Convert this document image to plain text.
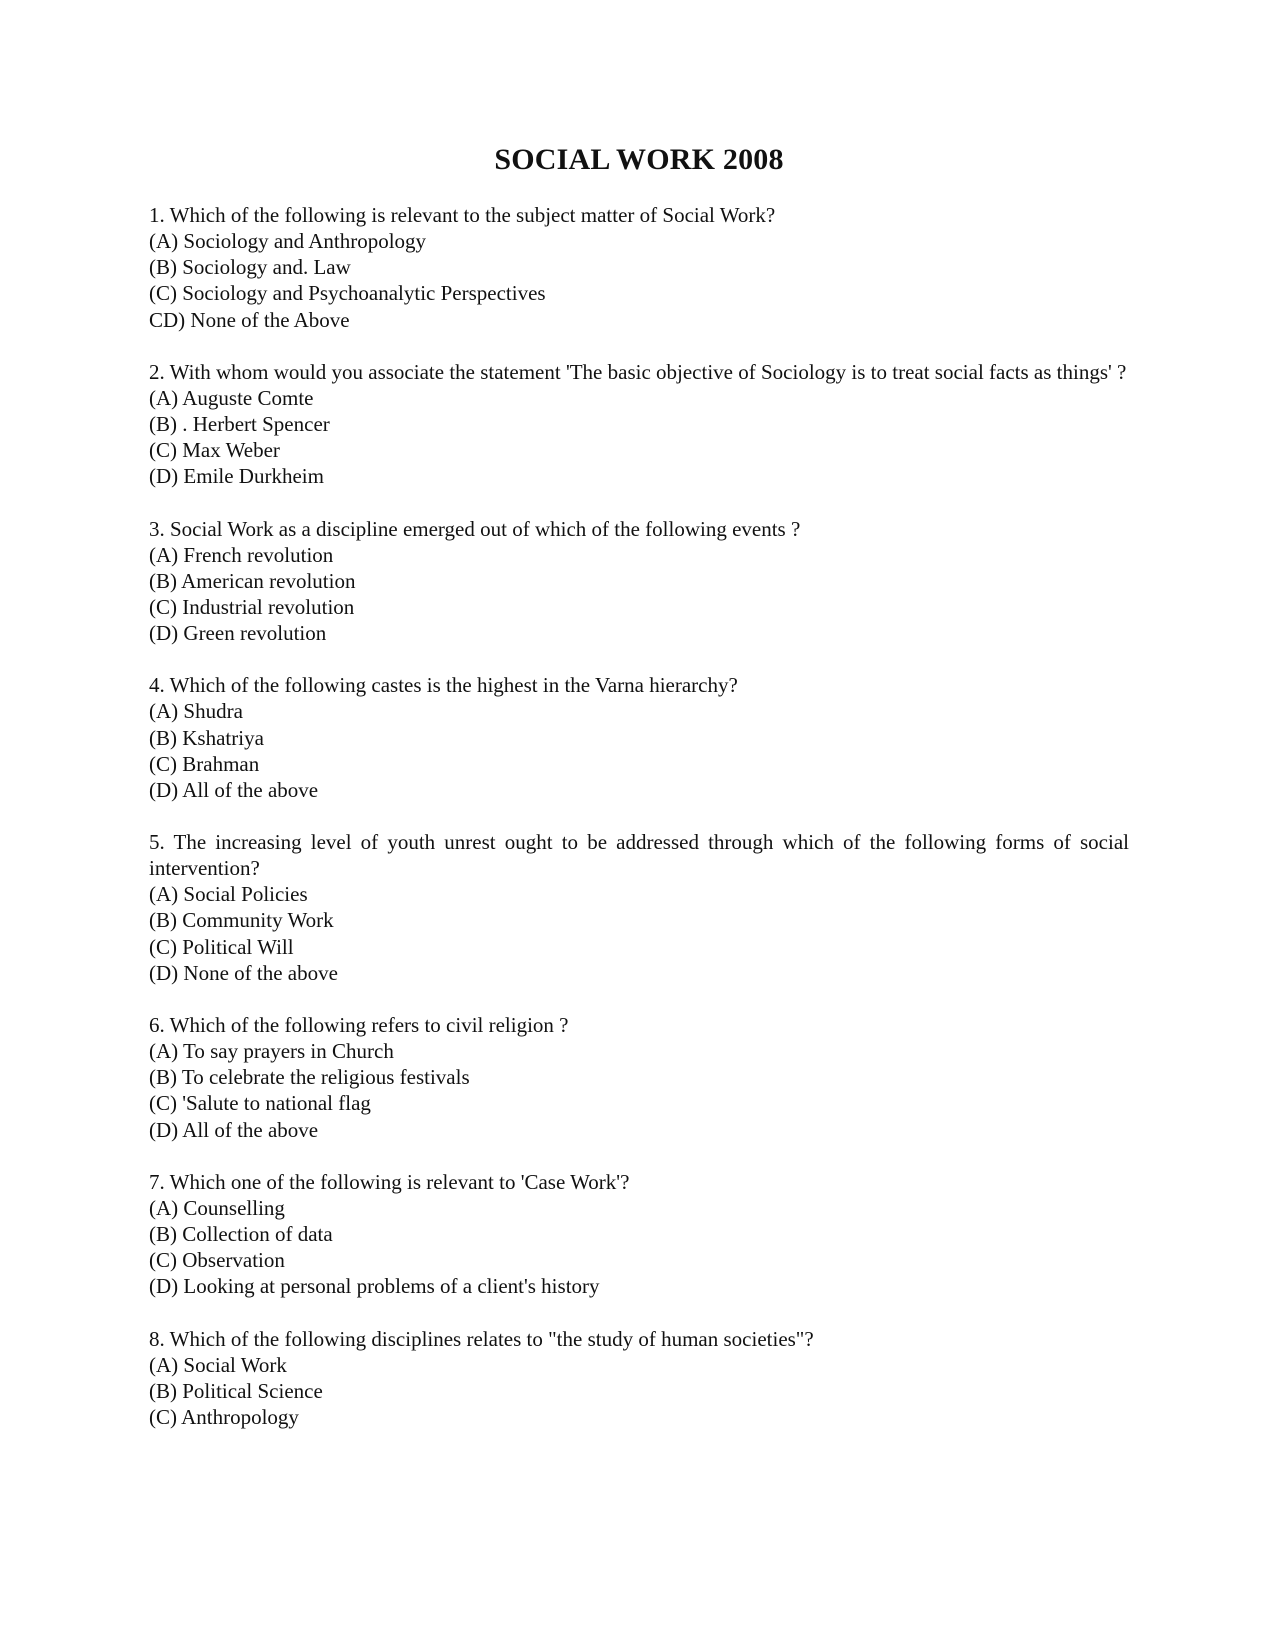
SOCIAL WORK 2008

1. Which of the following is relevant to the subject matter of Social Work?

(A) Sociology and Anthropology
(B) Sociology and. Law
(C) Sociology and Psychoanalytic Perspectives
CD) None of the Above

2. With whom would you associate the statement 'The basic objective of Sociology is to treat social facts as things' ?

(A) Auguste Comte
(B) . Herbert Spencer
(C) Max Weber
(D) Emile Durkheim

3. Social Work as a discipline emerged out of which of the following events ?

(A) French revolution
(B) American revolution
(C) Industrial revolution
(D) Green revolution

4. Which of the following castes is the highest in the Varna hierarchy?

(A) Shudra
(B) Kshatriya
(C) Brahman
(D) All of the above

5. The increasing level of youth unrest ought to be addressed through which of the following forms of social intervention?

(A) Social Policies
(B) Community Work
(C) Political Will
(D) None of the above

6. Which of the following refers to civil religion ?

(A) To say prayers in Church
(B) To celebrate the religious festivals
(C) 'Salute to national flag
(D) All of the above

7. Which one of the following is relevant to 'Case Work'?

(A) Counselling
(B) Collection of data
(C) Observation
(D) Looking at personal problems of a client's history

8. Which of the following disciplines relates to "the study of human societies"?

(A) Social Work
(B) Political Science
(C) Anthropology
